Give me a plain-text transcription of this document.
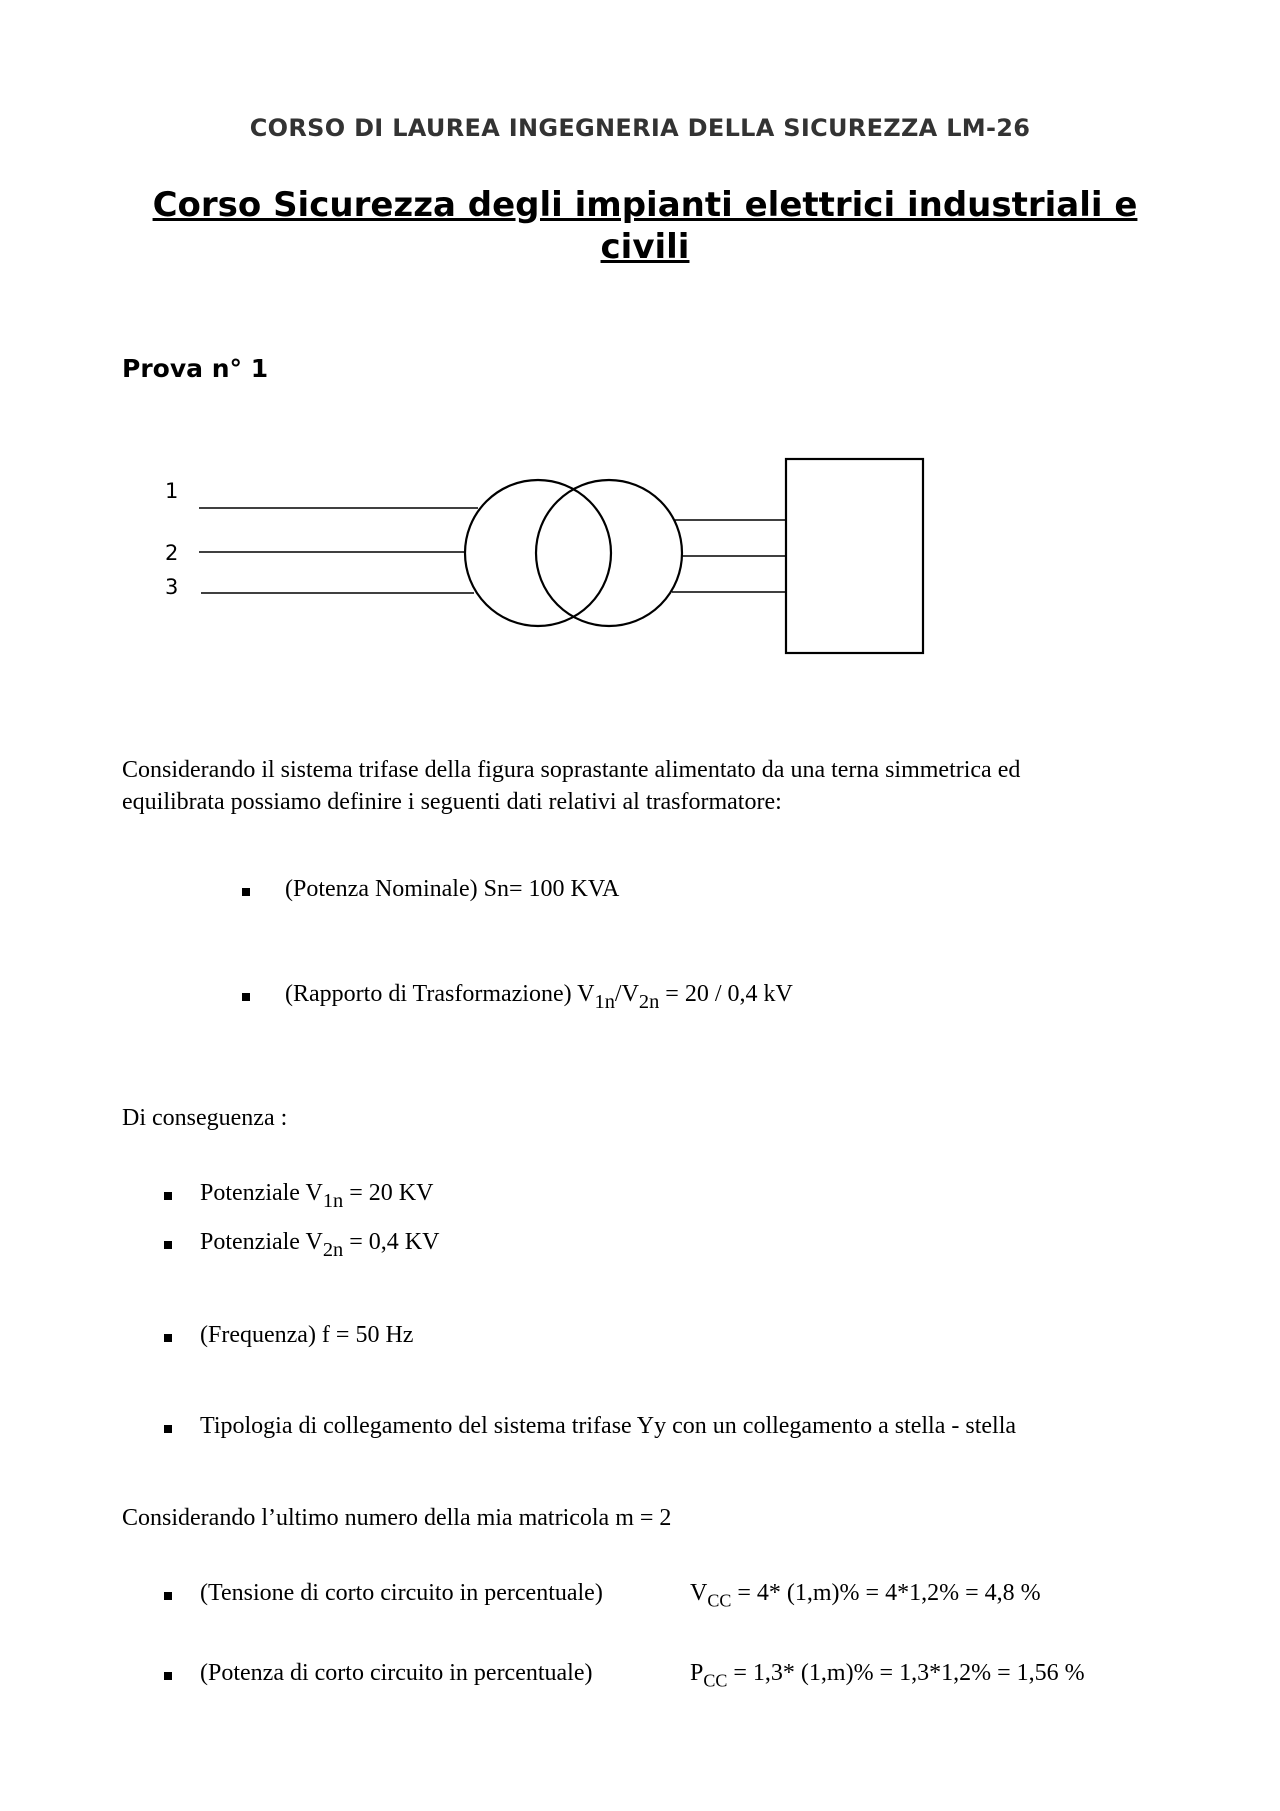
CORSO DI LAUREA INGEGNERIA DELLA SICUREZZA LM-26
Corso Sicurezza degli impianti elettrici industriali e
civili
Prova n° 1
1
2
3
Considerando il sistema trifase della figura soprastante alimentato da una terna simmetrica ed
equilibrata possiamo definire i seguenti dati relativi al trasformatore:
(Potenza Nominale) Sn= 100 KVA
(Rapporto di Trasformazione) $V_{1n}/V_{2n} = 20 / 0,4$ kV
Di conseguenza :
Potenziale $V_{1n} = 20$ KV
Potenziale $V_{2n} = 0,4$ KV
(Frequenza) f = 50 Hz
Tipologia di collegamento del sistema trifase Yy con un collegamento a stella - stella
Considerando l’ultimo numero della mia matricola m = 2
(Tensione di corto circuito in percentuale)	$V_{CC} = 4*$ (1,m)% = 4*1,2% = 4,8 %
(Potenza di corto circuito in percentuale)	$P_{CC} = 1,3*$ (1,m)% = 1,3*1,2% = 1,56 %
